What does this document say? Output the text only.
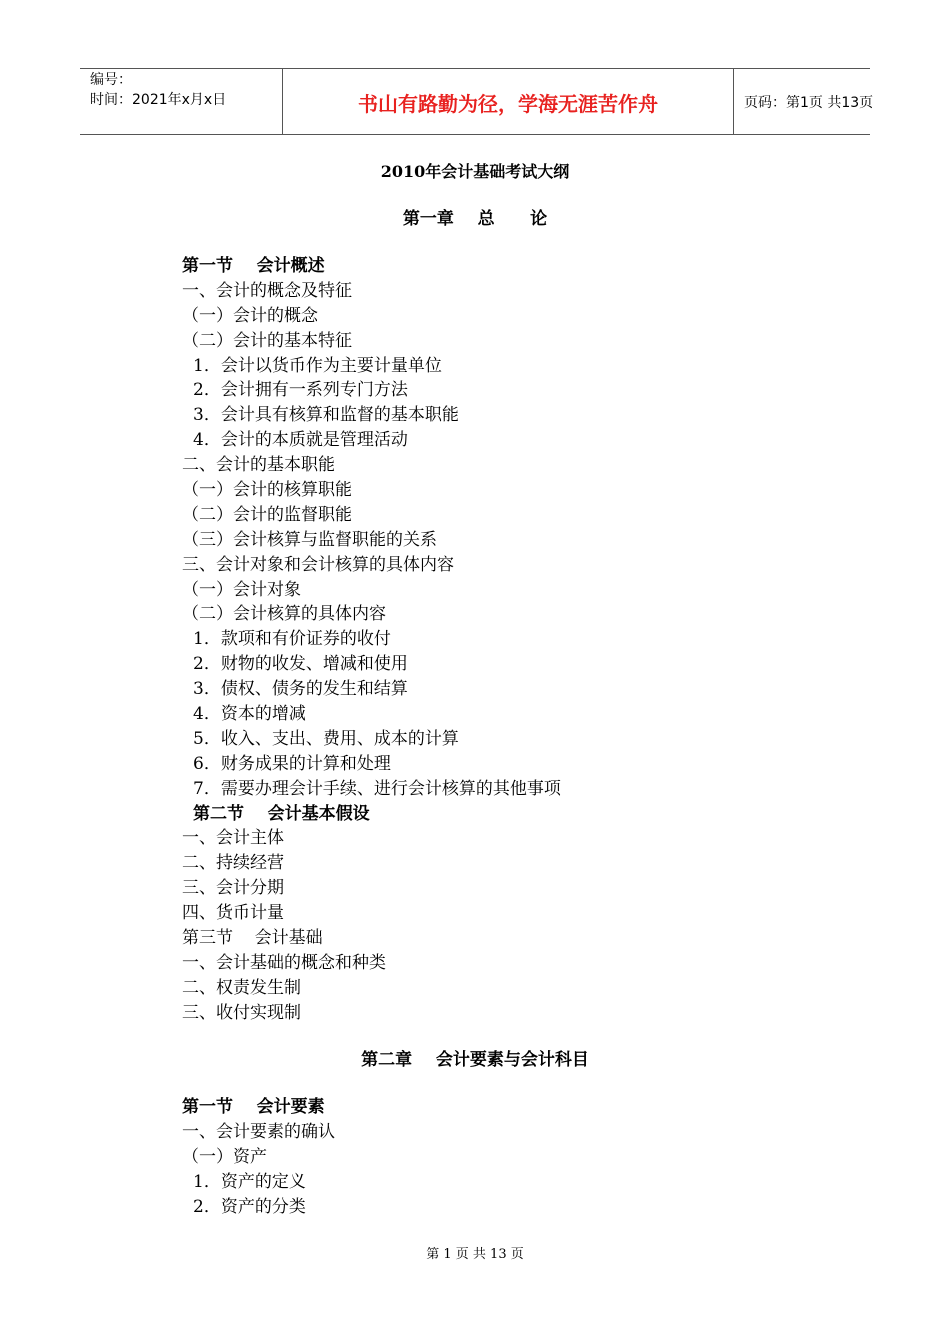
编号：
时间：2021年x月x日	书山有路勤为径，学海无涯苦作舟	页码：第1页 共13页
2010年会计基础考试大纲
第一章    总      论
第一节    会计概述
一、会计的概念及特征
（一）会计的概念
（二）会计的基本特征
1．会计以货币作为主要计量单位
2．会计拥有一系列专门方法
3．会计具有核算和监督的基本职能
4．会计的本质就是管理活动
二、会计的基本职能
（一）会计的核算职能
（二）会计的监督职能
（三）会计核算与监督职能的关系
三、会计对象和会计核算的具体内容
（一）会计对象
（二）会计核算的具体内容
1．款项和有价证券的收付
2．财物的收发、增减和使用
3．债权、债务的发生和结算
4．资本的增减
5．收入、支出、费用、成本的计算
6．财务成果的计算和处理
7．需要办理会计手续、进行会计核算的其他事项
第二节    会计基本假设
一、会计主体
二、持续经营
三、会计分期
四、货币计量
第三节    会计基础
一、会计基础的概念和种类
二、权责发生制
三、收付实现制
第二章    会计要素与会计科目
第一节    会计要素
一、会计要素的确认
（一）资产
1．资产的定义
2．资产的分类
第 1 页 共 13 页
